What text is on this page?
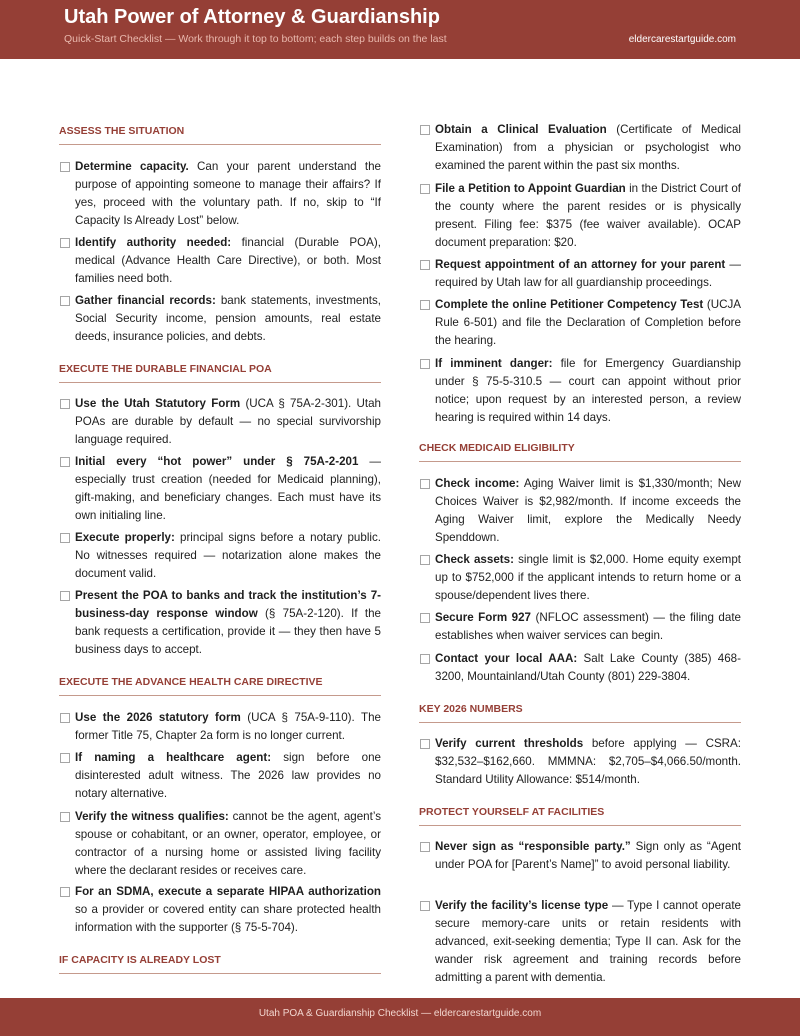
Utah Power of Attorney & Guardianship
Quick-Start Checklist — Work through it top to bottom; each step builds on the last	eldercarestartguide.com
ASSESS THE SITUATION
Determine capacity. Can your parent understand the purpose of appointing someone to manage their affairs? If yes, proceed with the voluntary path. If no, skip to “If Capacity Is Already Lost” below.
Identify authority needed: financial (Durable POA), medical (Advance Health Care Directive), or both. Most families need both.
Gather financial records: bank statements, investments, Social Security income, pension amounts, real estate deeds, insurance policies, and debts.
EXECUTE THE DURABLE FINANCIAL POA
Use the Utah Statutory Form (UCA § 75A-2-301). Utah POAs are durable by default — no special survivorship language required.
Initial every “hot power” under § 75A-2-201 — especially trust creation (needed for Medicaid planning), gift-making, and beneficiary changes. Each must have its own initialing line.
Execute properly: principal signs before a notary public. No witnesses required — notarization alone makes the document valid.
Present the POA to banks and track the institution’s 7-business-day response window (§ 75A-2-120). If the bank requests a certification, provide it — they then have 5 business days to accept.
EXECUTE THE ADVANCE HEALTH CARE DIRECTIVE
Use the 2026 statutory form (UCA § 75A-9-110). The former Title 75, Chapter 2a form is no longer current.
If naming a healthcare agent: sign before one disinterested adult witness. The 2026 law provides no notary alternative.
Verify the witness qualifies: cannot be the agent, agent’s spouse or cohabitant, or an owner, operator, employee, or contractor of a nursing home or assisted living facility where the declarant resides or receives care.
For an SDMA, execute a separate HIPAA authorization so a provider or covered entity can share protected health information with the supporter (§ 75-5-704).
IF CAPACITY IS ALREADY LOST
Obtain a Clinical Evaluation (Certificate of Medical Examination) from a physician or psychologist who examined the parent within the past six months.
File a Petition to Appoint Guardian in the District Court of the county where the parent resides or is physically present. Filing fee: $375 (fee waiver available). OCAP document preparation: $20.
Request appointment of an attorney for your parent — required by Utah law for all guardianship proceedings.
Complete the online Petitioner Competency Test (UCJA Rule 6-501) and file the Declaration of Completion before the hearing.
If imminent danger: file for Emergency Guardianship under § 75-5-310.5 — court can appoint without prior notice; upon request by an interested person, a review hearing is required within 14 days.
CHECK MEDICAID ELIGIBILITY
Check income: Aging Waiver limit is $1,330/month; New Choices Waiver is $2,982/month. If income exceeds the Aging Waiver limit, explore the Medically Needy Spenddown.
Check assets: single limit is $2,000. Home equity exempt up to $752,000 if the applicant intends to return home or a spouse/dependent lives there.
Secure Form 927 (NFLOC assessment) — the filing date establishes when waiver services can begin.
Contact your local AAA: Salt Lake County (385) 468-3200, Mountainland/Utah County (801) 229-3804.
KEY 2026 NUMBERS
Verify current thresholds before applying — CSRA: $32,532–$162,660. MMMNA: $2,705–$4,066.50/month. Standard Utility Allowance: $514/month.
PROTECT YOURSELF AT FACILITIES
Never sign as “responsible party.” Sign only as “Agent under POA for [Parent’s Name]” to avoid personal liability.
Verify the facility’s license type — Type I cannot operate secure memory-care units or retain residents with advanced, exit-seeking dementia; Type II can. Ask for the wander risk agreement and training records before admitting a parent with dementia.
Utah POA & Guardianship Checklist — eldercarestartguide.com
